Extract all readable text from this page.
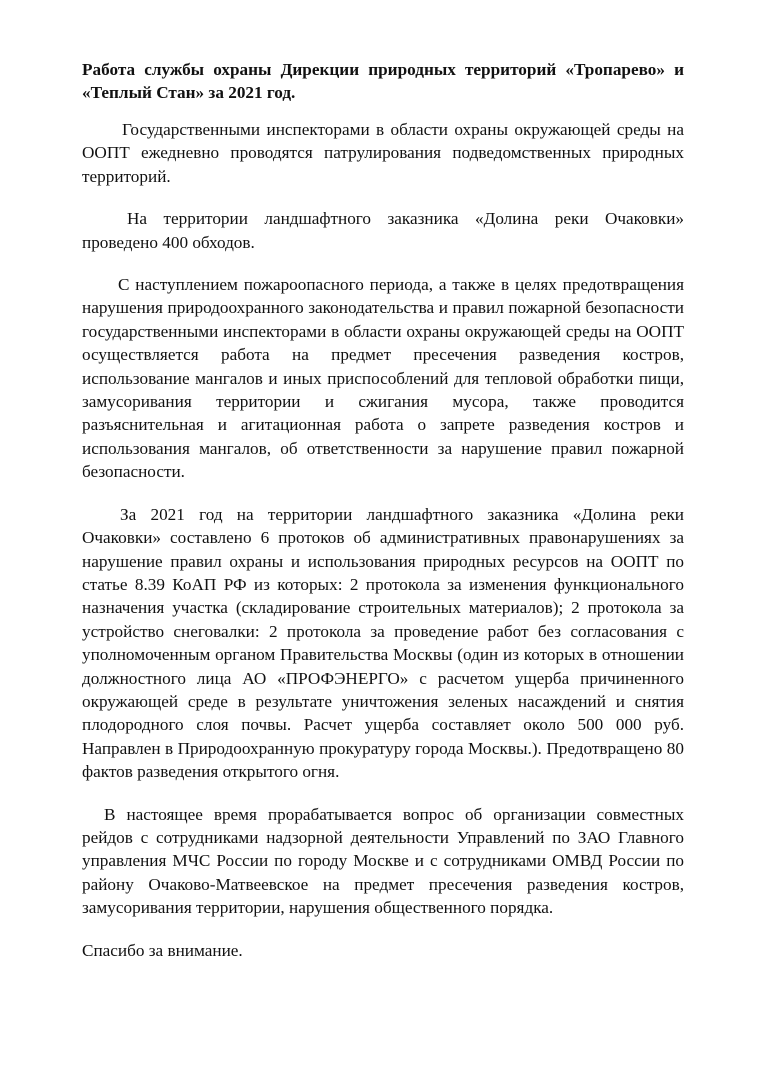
Работа службы охраны Дирекции природных территорий «Тропарево» и «Теплый Стан» за 2021 год.

Государственными инспекторами в области охраны окружающей среды на ООПТ ежедневно проводятся патрулирования подведомственных природных территорий.

На территории ландшафтного заказника «Долина реки Очаковки» проведено 400 обходов.

С наступлением пожароопасного периода, а также в целях предотвращения нарушения природоохранного законодательства и правил пожарной безопасности государственными инспекторами в области охраны окружающей среды на ООПТ осуществляется работа на предмет пресечения разведения костров, использование мангалов и иных приспособлений для тепловой обработки пищи, замусоривания территории и сжигания мусора, также проводится разъяснительная и агитационная работа о запрете разведения костров и использования мангалов, об ответственности за нарушение правил пожарной безопасности.

За 2021 год на территории ландшафтного заказника «Долина реки Очаковки» составлено 6 протоков об административных правонарушениях за нарушение правил охраны и использования природных ресурсов на ООПТ по статье 8.39 КоАП РФ из которых: 2 протокола за изменения функционального назначения участка (складирование строительных материалов); 2 протокола за устройство снеговалки: 2 протокола за проведение работ без согласования с уполномоченным органом Правительства Москвы (один из которых в отношении должностного лица АО «ПРОФЭНЕРГО» с расчетом ущерба причиненного окружающей среде в результате уничтожения зеленых насаждений и снятия плодородного слоя почвы. Расчет ущерба составляет около 500 000 руб. Направлен в Природоохранную прокуратуру города Москвы.). Предотвращено 80 фактов разведения открытого огня.

В настоящее время прорабатывается вопрос об организации совместных рейдов с сотрудниками надзорной деятельности Управлений по ЗАО Главного управления МЧС России по городу Москве и с сотрудниками ОМВД России по району Очаково-Матвеевское на предмет пресечения разведения костров, замусоривания территории, нарушения общественного порядка.

Спасибо за внимание.
